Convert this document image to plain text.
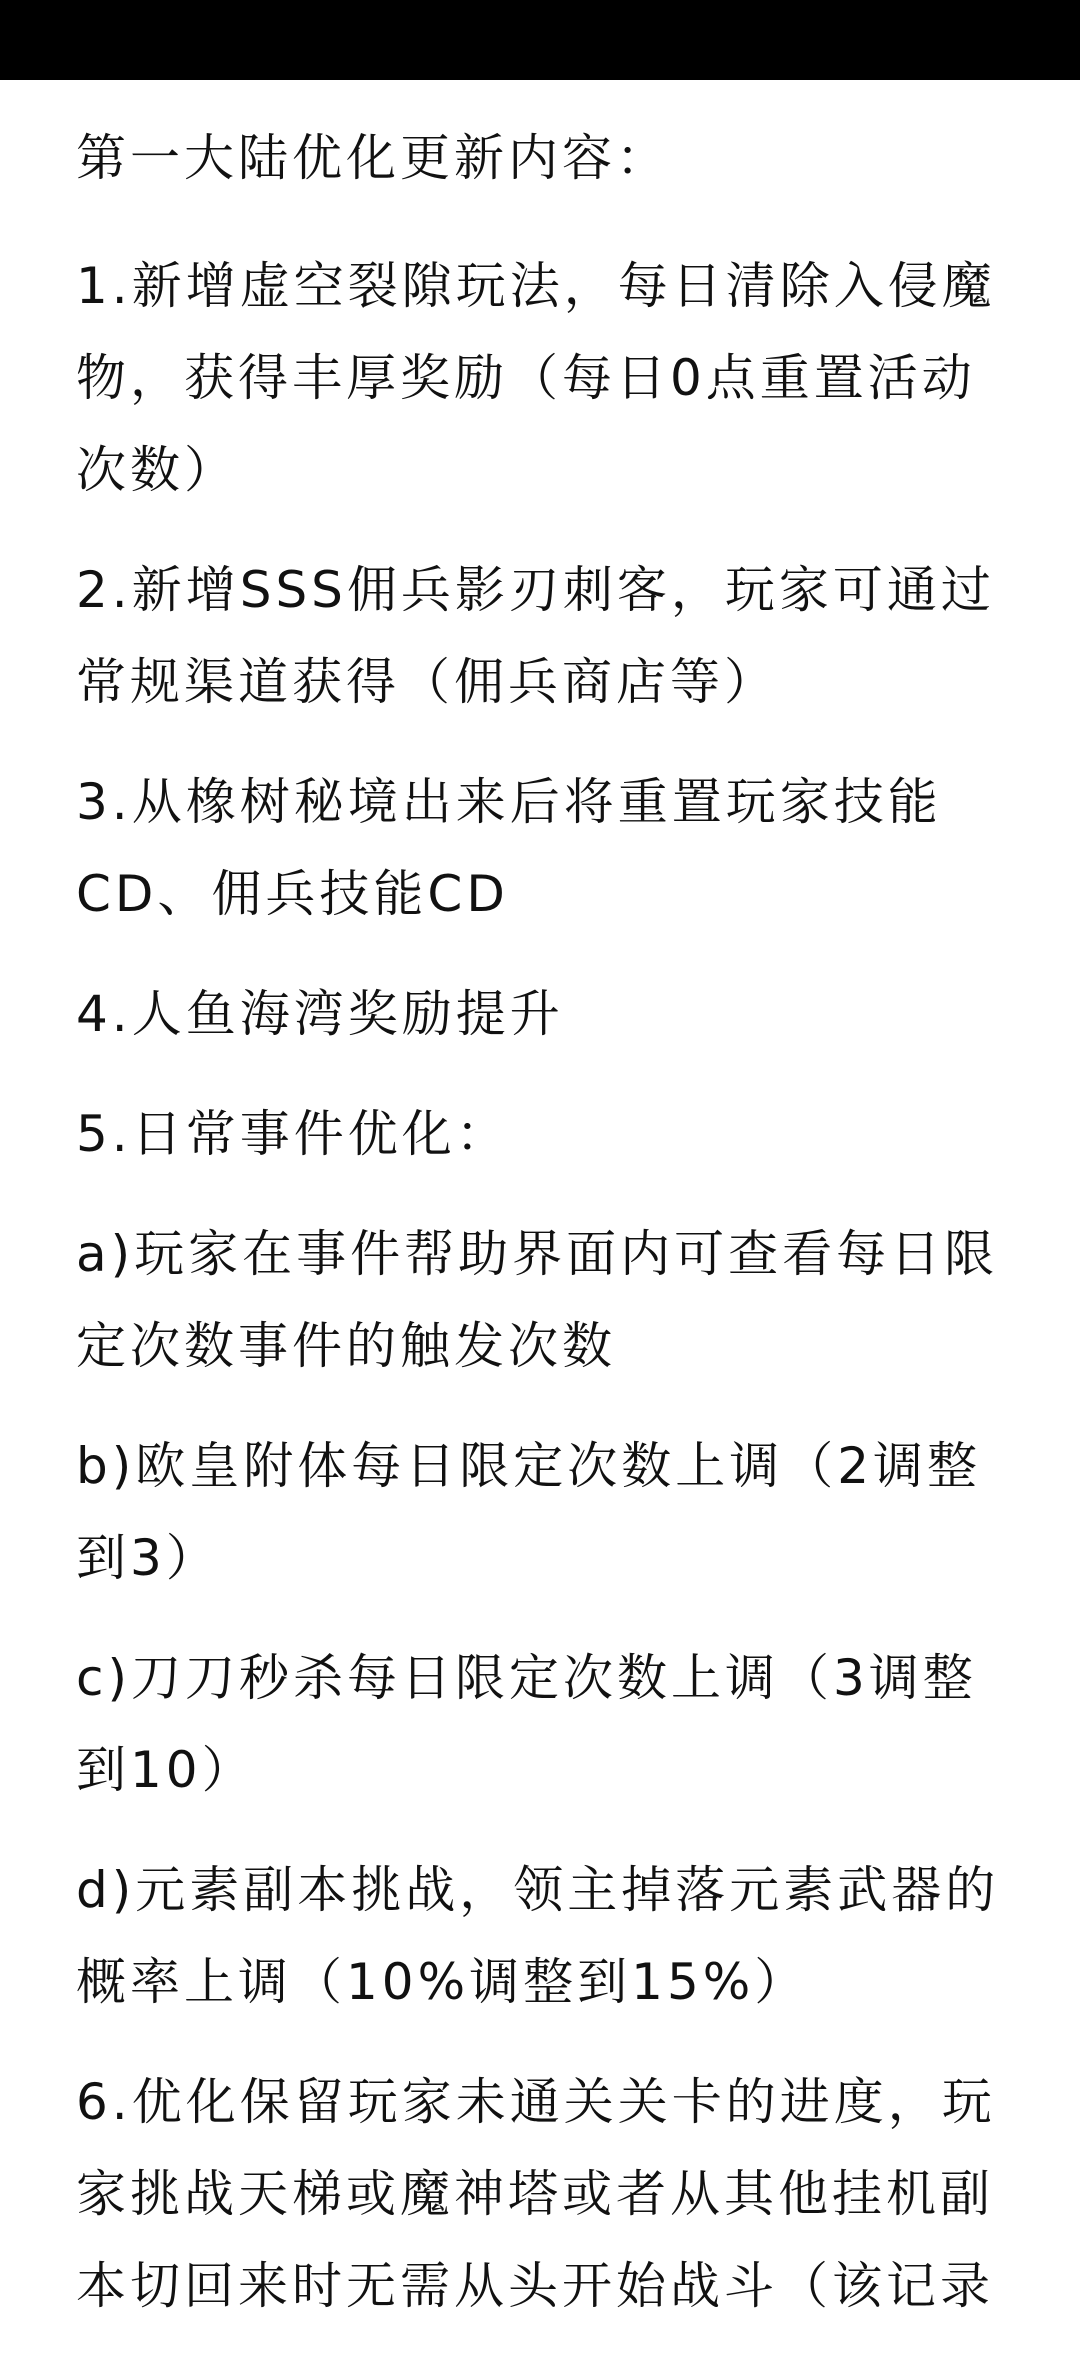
第一大陆优化更新内容：

1.新增虚空裂隙玩法，每日清除入侵魔物，获得丰厚奖励（每日0点重置活动次数）

2.新增SSS佣兵影刃刺客，玩家可通过常规渠道获得（佣兵商店等）

3.从橡树秘境出来后将重置玩家技能CD、佣兵技能CD

4.人鱼海湾奖励提升

5.日常事件优化：

a)玩家在事件帮助界面内可查看每日限定次数事件的触发次数

b)欧皇附体每日限定次数上调（2调整到3）

c)刀刀秒杀每日限定次数上调（3调整到10）

d)元素副本挑战，领主掉落元素武器的概率上调（10%调整到15%）

6.优化保留玩家未通关关卡的进度，玩家挑战天梯或魔神塔或者从其他挂机副本切回来时无需从头开始战斗（该记录
